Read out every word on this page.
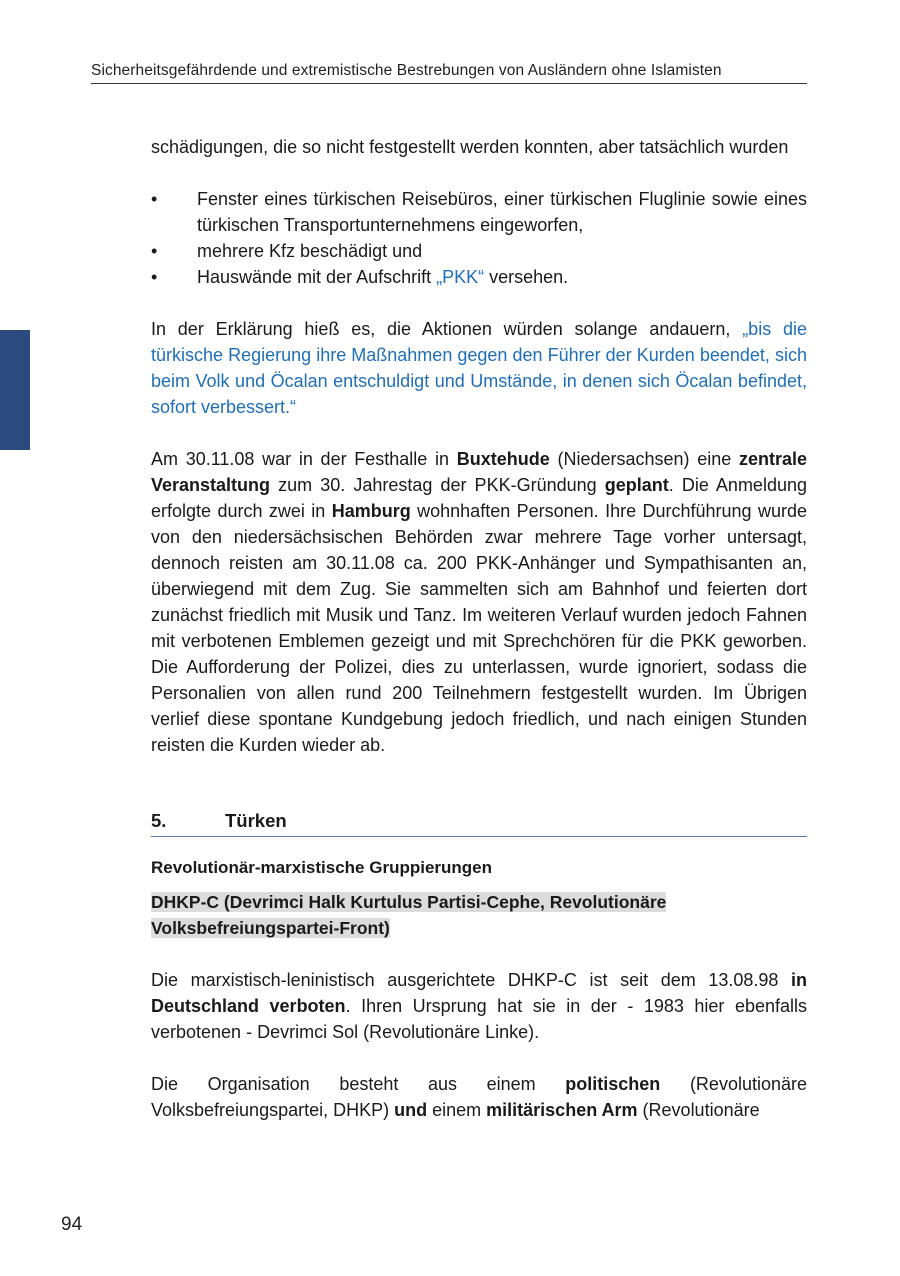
Sicherheitsgefährdende und extremistische Bestrebungen von Ausländern ohne Islamisten

schädigungen, die so nicht festgestellt werden konnten, aber tatsächlich wurden

•	Fenster eines türkischen Reisebüros, einer türkischen Fluglinie sowie eines türkischen Transportunternehmens eingeworfen,
•	mehrere Kfz beschädigt und
•	Hauswände mit der Aufschrift „PKK“ versehen.

In der Erklärung hieß es, die Aktionen würden solange andauern, „bis die türkische Regierung ihre Maßnahmen gegen den Führer der Kurden beendet, sich beim Volk und Öcalan entschuldigt und Umstände, in denen sich Öcalan befindet, sofort verbessert.“

Am 30.11.08 war in der Festhalle in Buxtehude (Niedersachsen) eine zentrale Veranstaltung zum 30. Jahrestag der PKK-Gründung geplant. Die Anmeldung erfolgte durch zwei in Hamburg wohnhaften Personen. Ihre Durchführung wurde von den niedersächsischen Behörden zwar mehrere Tage vorher untersagt, dennoch reisten am 30.11.08 ca. 200 PKK-Anhänger und Sympathisanten an, überwiegend mit dem Zug. Sie sammelten sich am Bahnhof und feierten dort zunächst friedlich mit Musik und Tanz. Im weiteren Verlauf wurden jedoch Fahnen mit verbotenen Emblemen gezeigt und mit Sprechchören für die PKK geworben. Die Aufforderung der Polizei, dies zu unterlassen, wurde ignoriert, sodass die Personalien von allen rund 200 Teilnehmern festgestellt wurden. Im Übrigen verlief diese spontane Kundgebung jedoch friedlich, und nach einigen Stunden reisten die Kurden wieder ab.

5.	Türken
Revolutionär-marxistische Gruppierungen
DHKP-C (Devrimci Halk Kurtulus Partisi-Cephe, Revolutionäre Volksbefreiungspartei-Front)

Die marxistisch-leninistisch ausgerichtete DHKP-C ist seit dem 13.08.98 in Deutschland verboten. Ihren Ursprung hat sie in der - 1983 hier ebenfalls verbotenen - Devrimci Sol (Revolutionäre Linke).

Die Organisation besteht aus einem politischen (Revolutionäre Volksbefreiungspartei, DHKP) und einem militärischen Arm (Revolutionäre

94
